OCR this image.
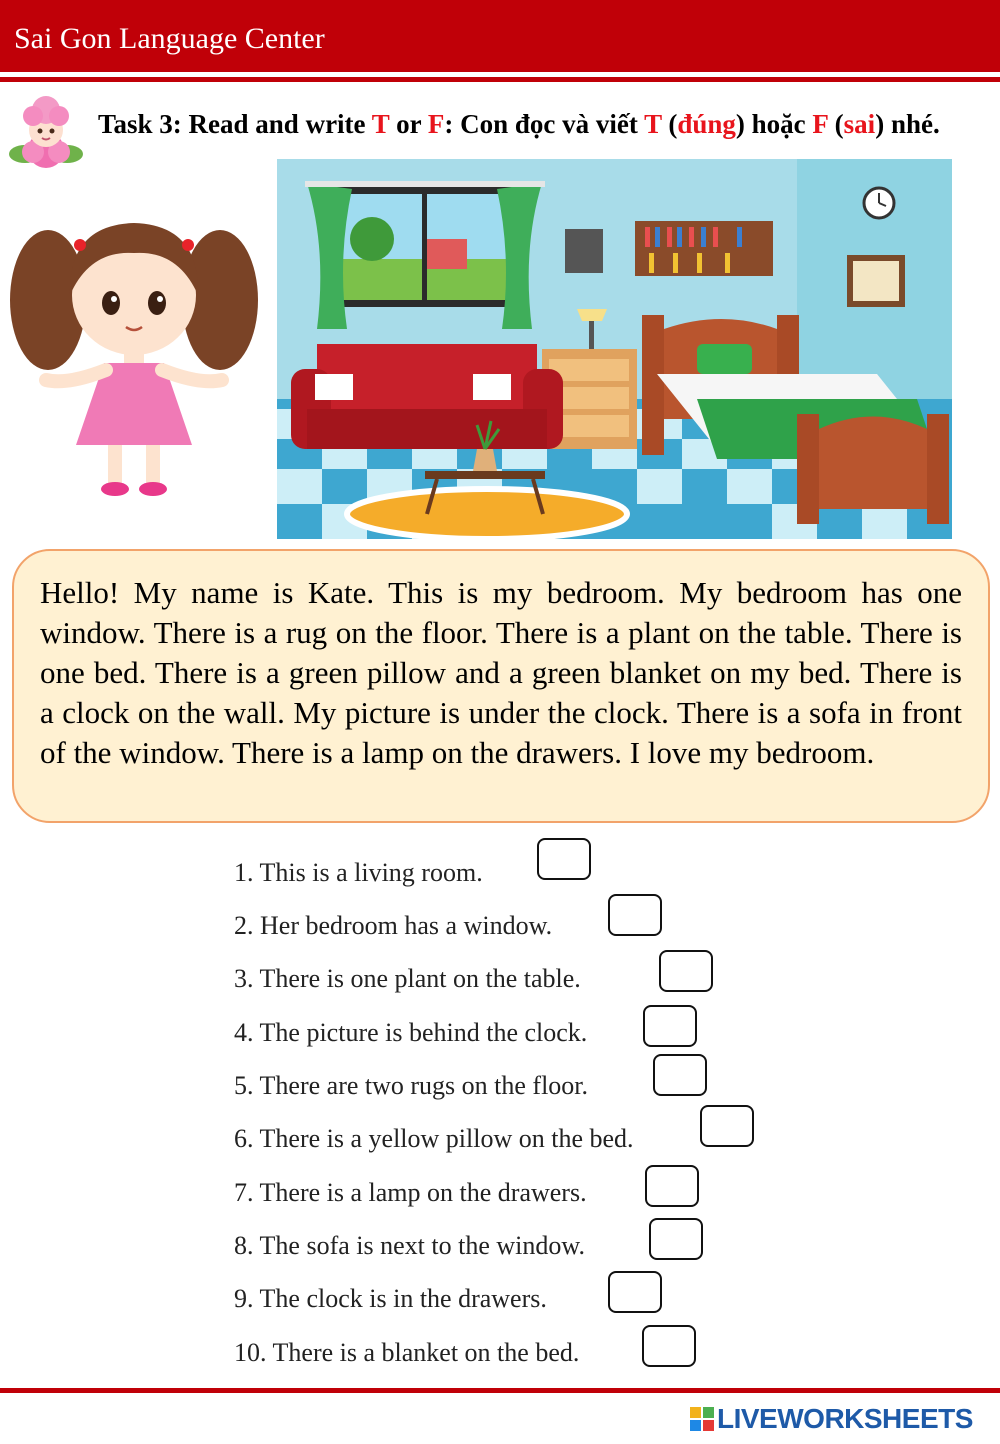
Sai Gon Language Center
Task 3: Read and write T or F: Con đọc và viết T (đúng) hoặc F (sai) nhé.

Hello! My name is Kate. This is my bedroom. My bedroom has one window. There is a rug on the floor. There is a plant on the table. There is one bed. There is a green pillow and a green blanket on my bed. There is a clock on the wall. My picture is under the clock. There is a sofa in front of the window. There is a lamp on the drawers. I love my bedroom.

1. This is a living room.
2. Her bedroom has a window.
3. There is one plant on the table.
4. The picture is behind the clock.
5. There are two rugs on the floor.
6. There is a yellow pillow on the bed.
7. There is a lamp on the drawers.
8. The sofa is next to the window.
9. The clock is in the drawers.
10. There is a blanket on the bed.
LIVEWORKSHEETS
